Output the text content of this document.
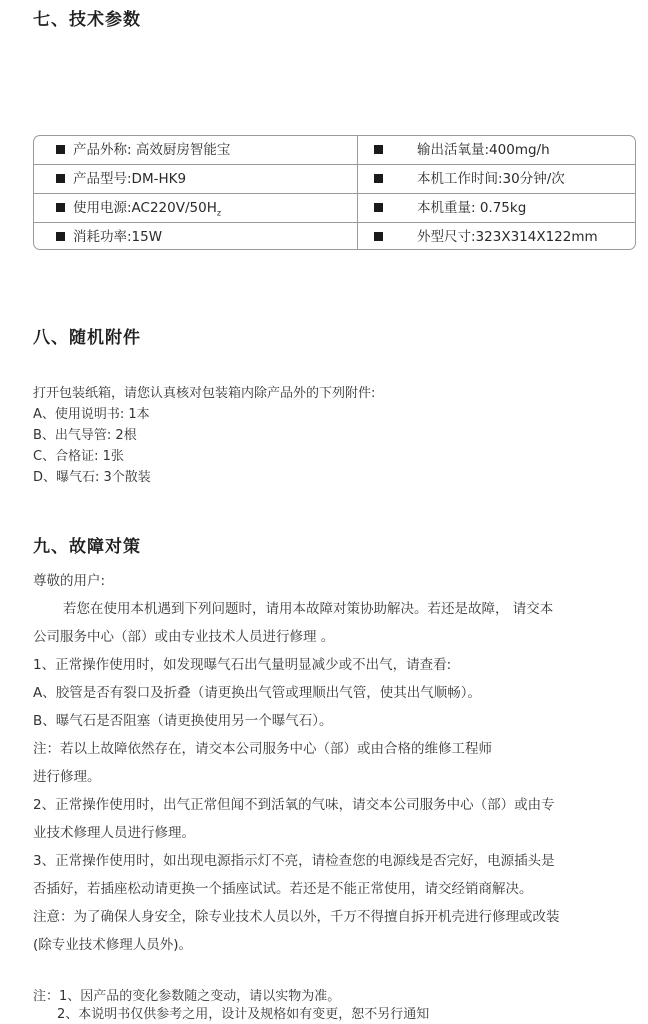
七、技术参数
产品外称: 高效厨房智能宝	输出活氧量:400mg/h
产品型号:DM-HK9	本机工作时间:30分钟/次
使用电源$:AC220V/50H_z$	本机重量: 0.75kg
消耗功率:15W	外型尺寸:323X314X122mm
八、随机附件
打开包装纸箱，请您认真核对包装箱内除产品外的下列附件:
A、使用说明书: 1本
B、出气导管: 2根
C、合格证: 1张
D、曝气石: 3个散装
九、故障对策
尊敬的用户:
若您在使用本机遇到下列问题时，请用本故障对策协助解决。若还是故障， 请交本
公司服务中心（部）或由专业技术人员进行修理 。
1、正常操作使用时，如发现曝气石出气量明显减少或不出气，请查看:
A、胶管是否有裂口及折叠（请更换出气管或理顺出气管，使其出气顺畅）。
B、曝气石是否阻塞（请更换使用另一个曝气石）。
注：若以上故障依然存在，请交本公司服务中心（部）或由合格的维修工程师
进行修理。
2、正常操作使用时，出气正常但闻不到活氧的气味，请交本公司服务中心（部）或由专
业技术修理人员进行修理。
3、正常操作使用时，如出现电源指示灯不亮，请检查您的电源线是否完好，电源插头是
否插好，若插座松动请更换一个插座试试。若还是不能正常使用，请交经销商解决。
注意：为了确保人身安全，除专业技术人员以外，千万不得擅自拆开机壳进行修理或改装
(除专业技术修理人员外)。
注：1、因产品的变化参数随之变动，请以实物为准。
2、本说明书仅供参考之用，设计及规格如有变更，恕不另行通知
